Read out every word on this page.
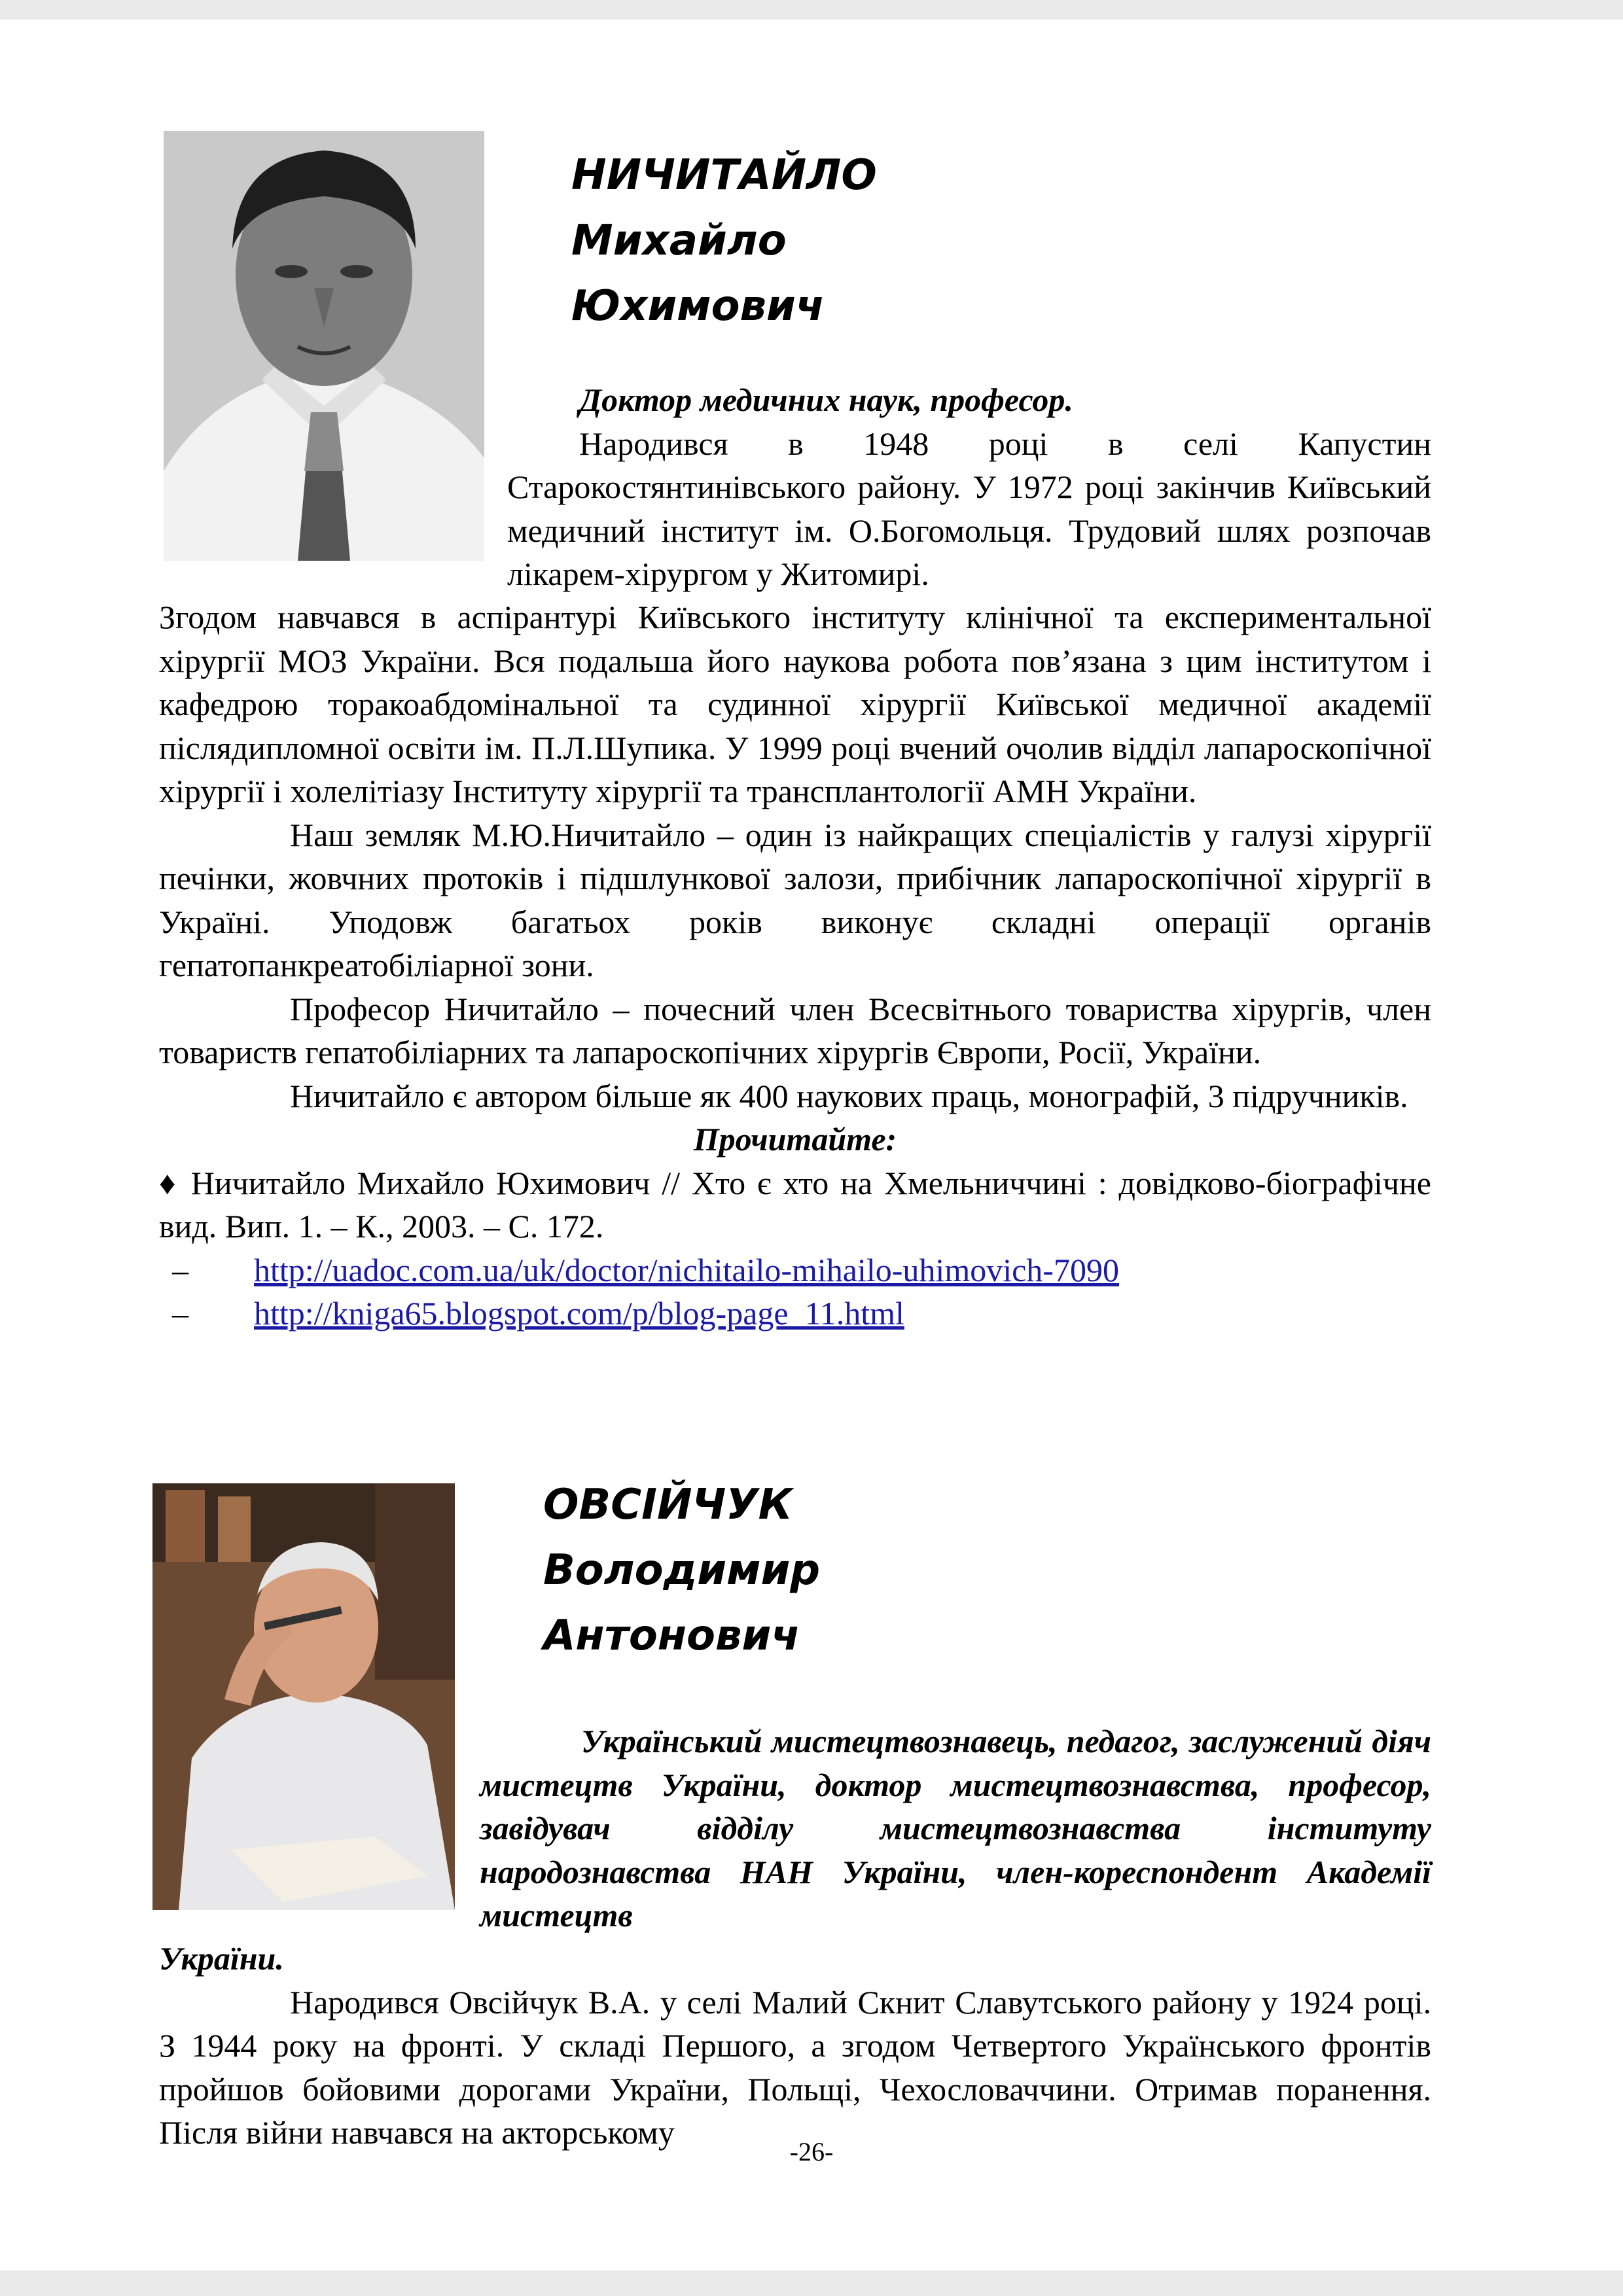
НИЧИТАЙЛО
Михайло
Юхимович

Доктор медичних наук, професор.

Народився в 1948 році в селі Капустин Старокостянтинівського району. У 1972 році закінчив Київський медичний інститут ім. О.Богомольця. Трудовий шлях розпочав лікарем-хірургом у Житомирі.

Згодом навчався в аспірантурі Київського інституту клінічної та експериментальної хірургії МОЗ України. Вся подальша його наукова робота пов’язана з цим інститутом і кафедрою торакоабдомінальної та судинної хірургії Київської медичної академії післядипломної освіти ім. П.Л.Шупика. У 1999 році вчений очолив відділ лапароскопічної хірургії і холелітіазу Інституту хірургії та трансплантології АМН України.

Наш земляк М.Ю.Ничитайло – один із найкращих спеціалістів у галузі хірургії печінки, жовчних протоків і підшлункової залози, прибічник лапароскопічної хірургії в Україні. Уподовж багатьох років виконує складні операції органів гепатопанкреатобіліарної зони.

Професор Ничитайло – почесний член Всесвітнього товариства хірургів, член товариств гепатобіліарних та лапароскопічних хірургів Європи, Росії, України.

Ничитайло є автором більше як 400 наукових праць, монографій, 3 підручників.

Прочитайте:

♦ Ничитайло Михайло Юхимович // Хто є хто на Хмельниччині : довідково-біографічне вид. Вип. 1. – К., 2003. – С. 172.

–	http://uadoc.com.ua/uk/doctor/nichitailo-mihailo-uhimovich-7090
–	http://kniga65.blogspot.com/p/blog-page_11.html
ОВСІЙЧУК
Володимир
Антонович

Український мистецтвознавець, педагог, заслужений діяч мистецтв України, доктор мистецтвознавства, професор, завідувач відділу мистецтвознавства інституту народознавства НАН України, член-кореспондент Академії мистецтв

України.

Народився Овсійчук В.А. у селі Малий Скнит Славутського району у 1924 році. З 1944 року на фронті. У складі Першого, а згодом Четвертого Українського фронтів пройшов бойовими дорогами України, Польщі, Чехословаччини. Отримав поранення. Після війни навчався на акторському

-26-
